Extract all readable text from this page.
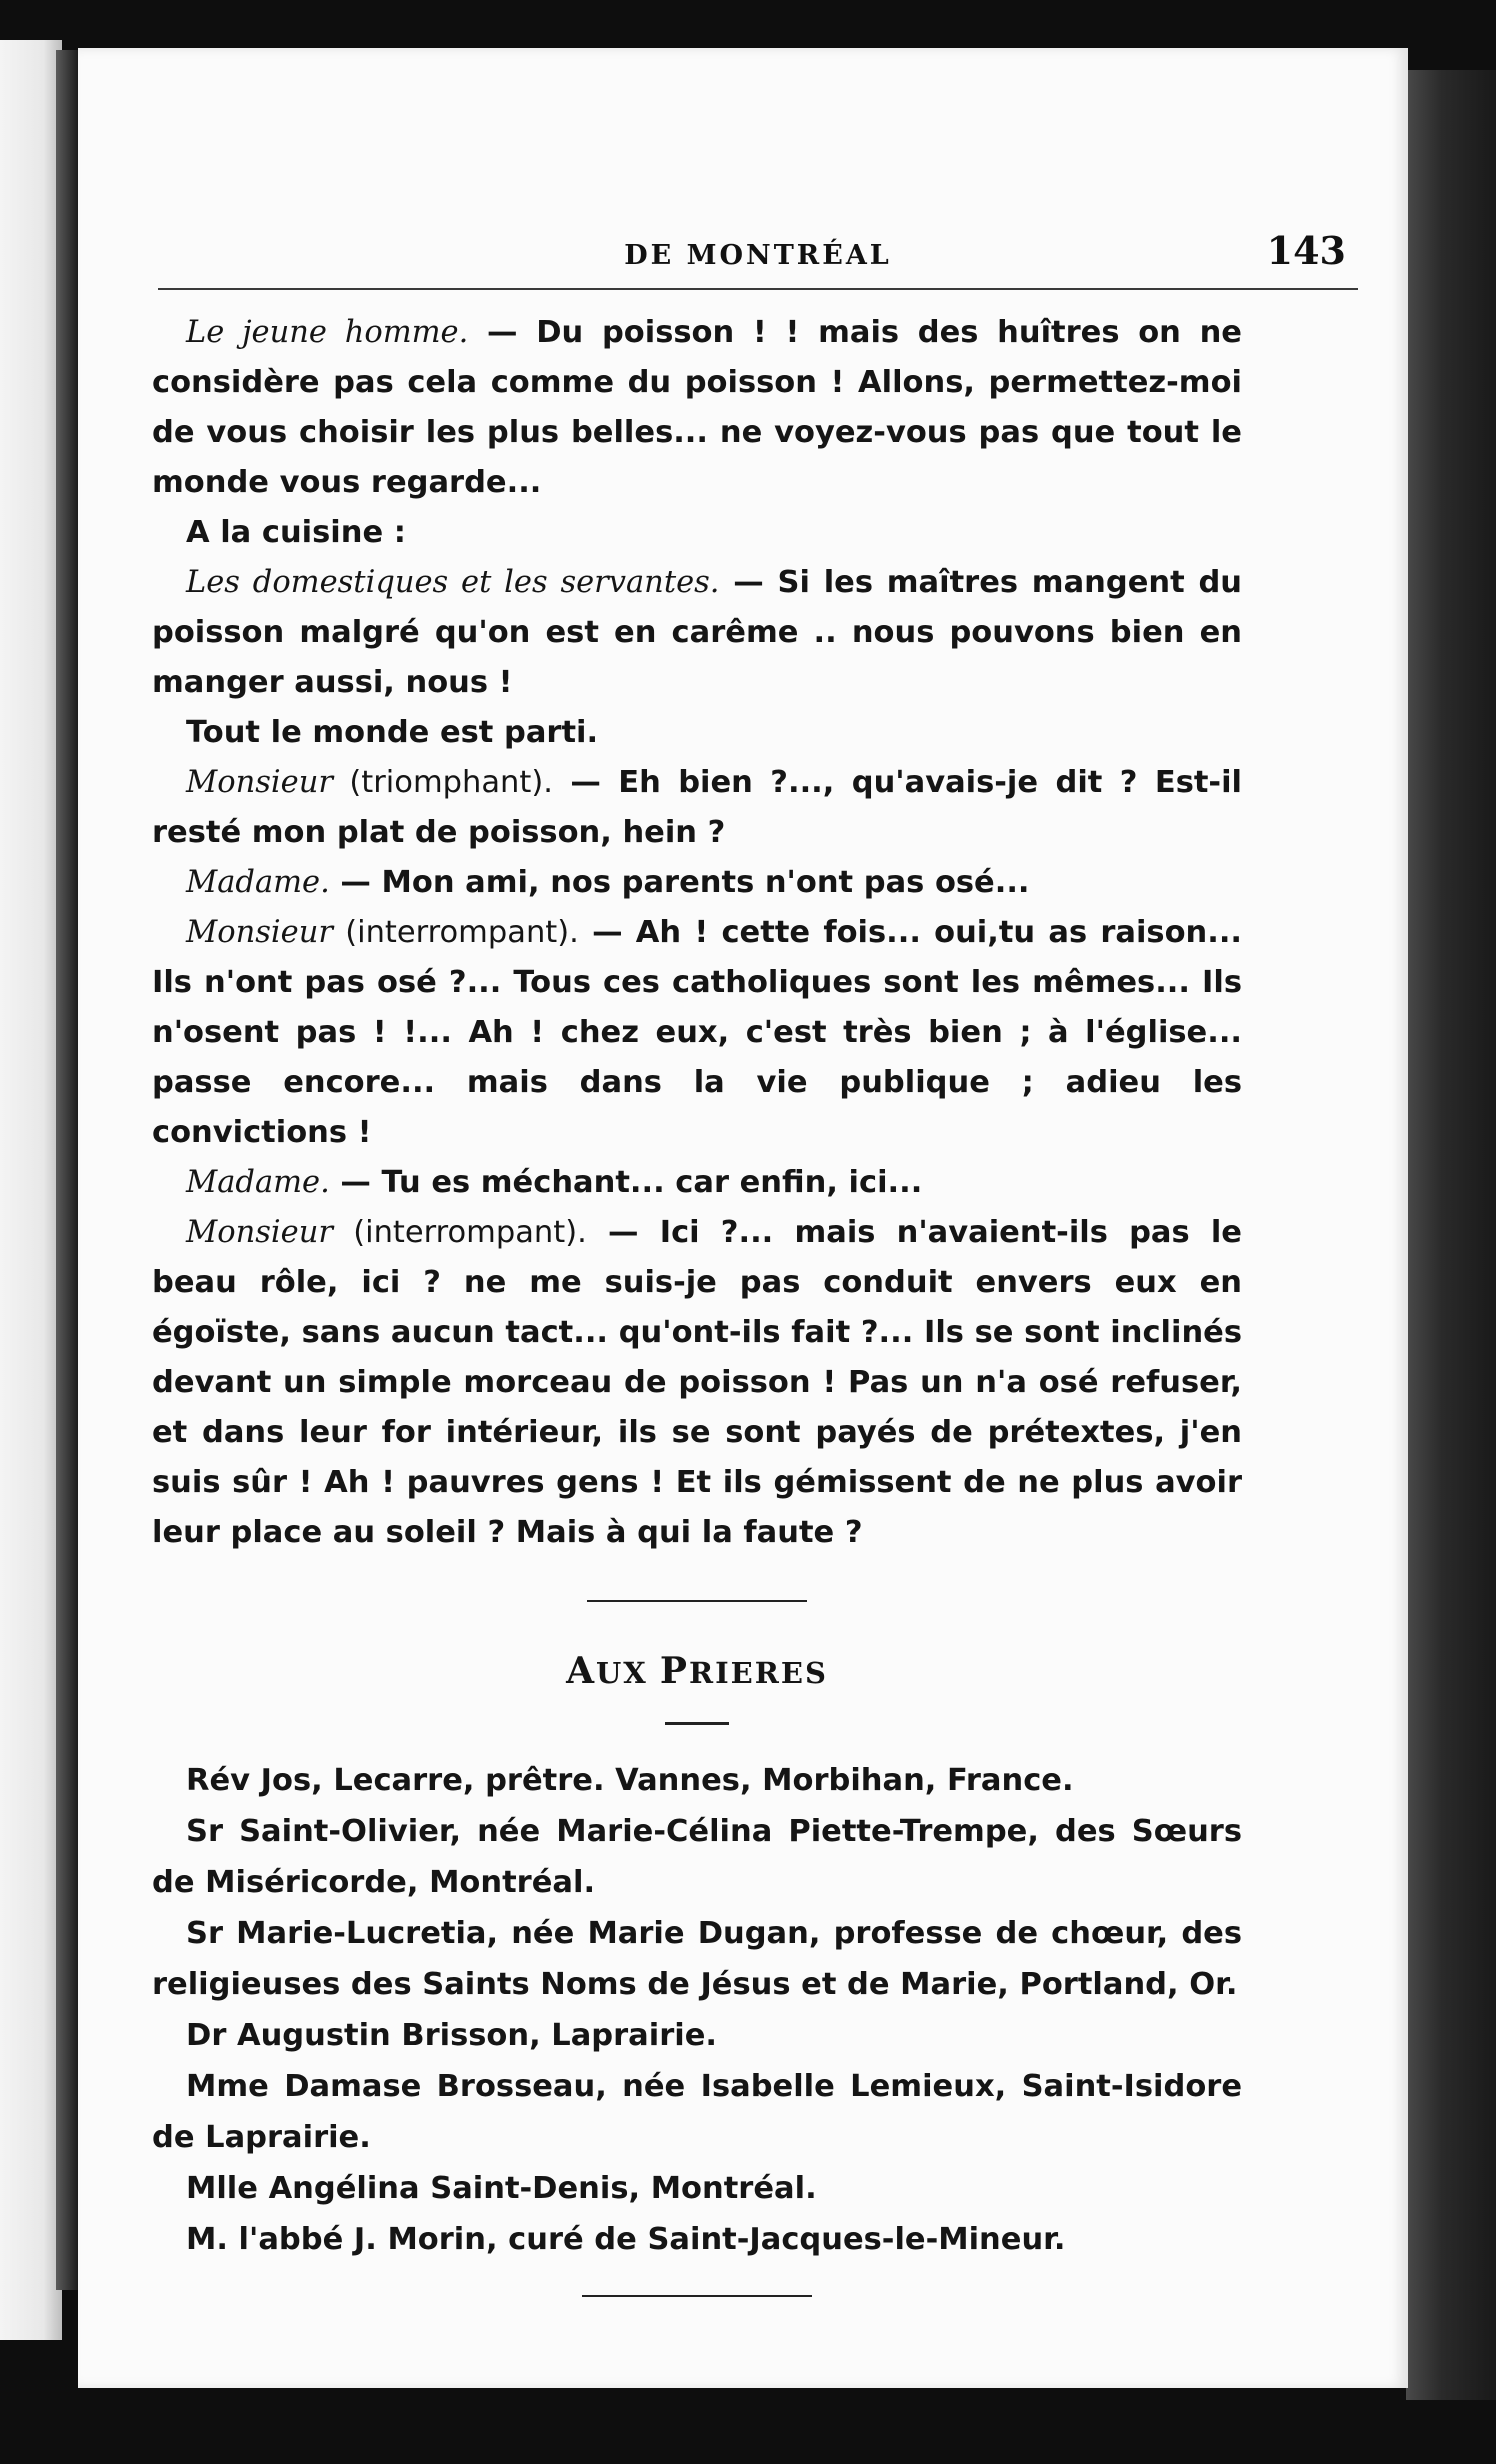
DE MONTRÉAL	143

Le jeune homme. — Du poisson ! ! mais des huîtres on ne considère pas cela comme du poisson ! Allons, permettez-moi de vous choisir les plus belles... ne voyez-vous pas que tout le monde vous regarde...

A la cuisine :

Les domestiques et les servantes. — Si les maîtres mangent du poisson malgré qu'on est en carême .. nous pouvons bien en manger aussi, nous !

Tout le monde est parti.

Monsieur (triomphant). — Eh bien ?..., qu'avais-je dit ? Est-il resté mon plat de poisson, hein ?

Madame. — Mon ami, nos parents n'ont pas osé...

Monsieur (interrompant). — Ah ! cette fois... oui,tu as raison... Ils n'ont pas osé ?... Tous ces catholiques sont les mêmes... Ils n'osent pas ! !... Ah ! chez eux, c'est très bien ; à l'église... passe encore... mais dans la vie publique ; adieu les convictions !

Madame. — Tu es méchant... car enfin, ici...

Monsieur (interrompant). — Ici ?... mais n'avaient-ils pas le beau rôle, ici ? ne me suis-je pas conduit envers eux en égoïste, sans aucun tact... qu'ont-ils fait ?... Ils se sont inclinés devant un simple morceau de poisson ! Pas un n'a osé refuser, et dans leur for intérieur, ils se sont payés de prétextes, j'en suis sûr ! Ah ! pauvres gens ! Et ils gémissent de ne plus avoir leur place au soleil ? Mais à qui la faute ?

AUX PRIERES

Rév Jos, Lecarre, prêtre. Vannes, Morbihan, France.

Sr Saint-Olivier, née Marie-Célina Piette-Trempe, des Sœurs de Miséricorde, Montréal.

Sr Marie-Lucretia, née Marie Dugan, professe de chœur, des religieuses des Saints Noms de Jésus et de Marie, Portland, Or.

Dr Augustin Brisson, Laprairie.

Mme Damase Brosseau, née Isabelle Lemieux, Saint-Isidore de Laprairie.

Mlle Angélina Saint-Denis, Montréal.

M. l'abbé J. Morin, curé de Saint-Jacques-le-Mineur.
